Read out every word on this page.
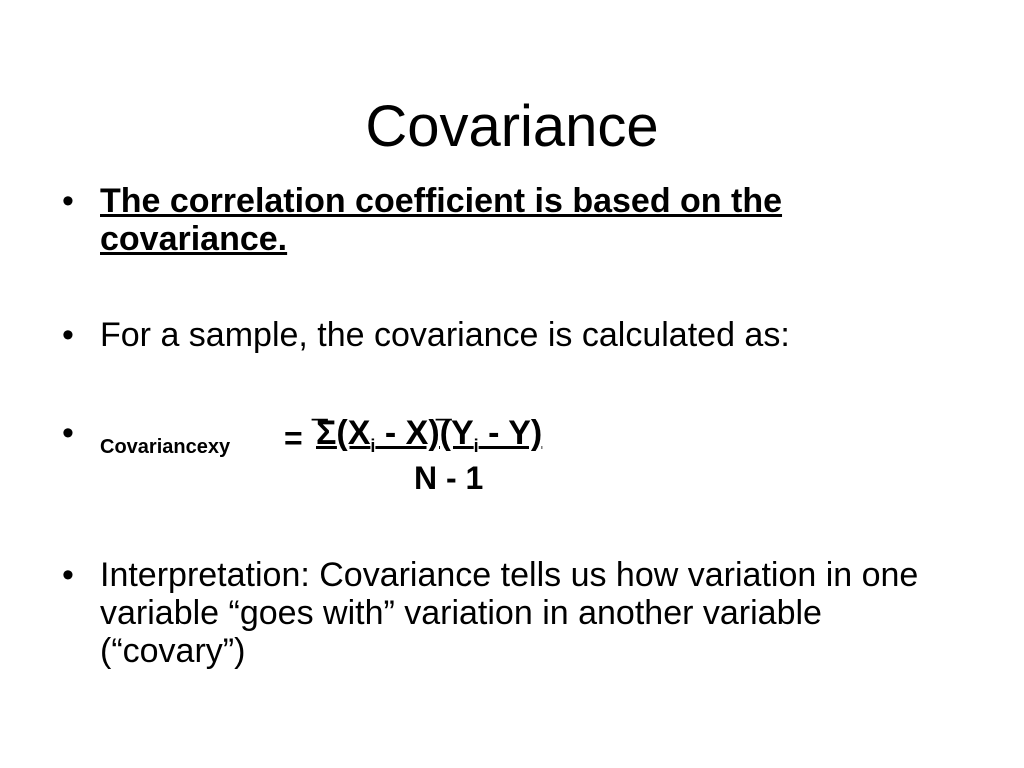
Covariance
• The correlation coefficient is based on the covariance.
• For a sample, the covariance is calculated as:
• Covariancexy =
_	_
$\Sigma(X_i - X)(Y_i - Y)$
N - 1
• Interpretation: Covariance tells us how variation in one variable “goes with” variation in another variable (“covary”)
